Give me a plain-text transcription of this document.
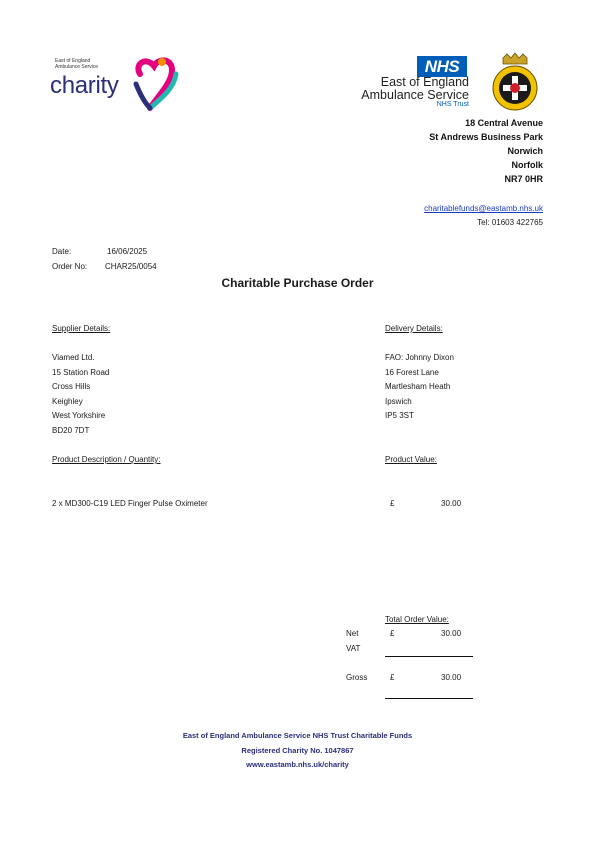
East of England
Ambulance Service
charity
NHS
East of England
Ambulance Service
NHS Trust
18 Central Avenue
St Andrews Business Park
Norwich
Norfolk
NR7 0HR
charitablefunds@eastamb.nhs.uk
Tel: 01603 422765
Date:	16/06/2025
Order No:	CHAR25/0054
Charitable Purchase Order
Supplier Details:
Viamed Ltd.
15 Station Road
Cross Hills
Keighley
West Yorkshire
BD20 7DT
Delivery Details:
FAO: Johnny Dixon
16 Forest Lane
Martlesham Heath
Ipswich
IP5 3ST
Product Description / Quantity:	Product Value:
2 x MD300-C19 LED Finger Pulse Oximeter	£	30.00
Total Order Value:
Net	£	30.00
VAT
Gross	£	30.00
East of England Ambulance Service NHS Trust Charitable Funds
Registered Charity No. 1047867
www.eastamb.nhs.uk/charity
